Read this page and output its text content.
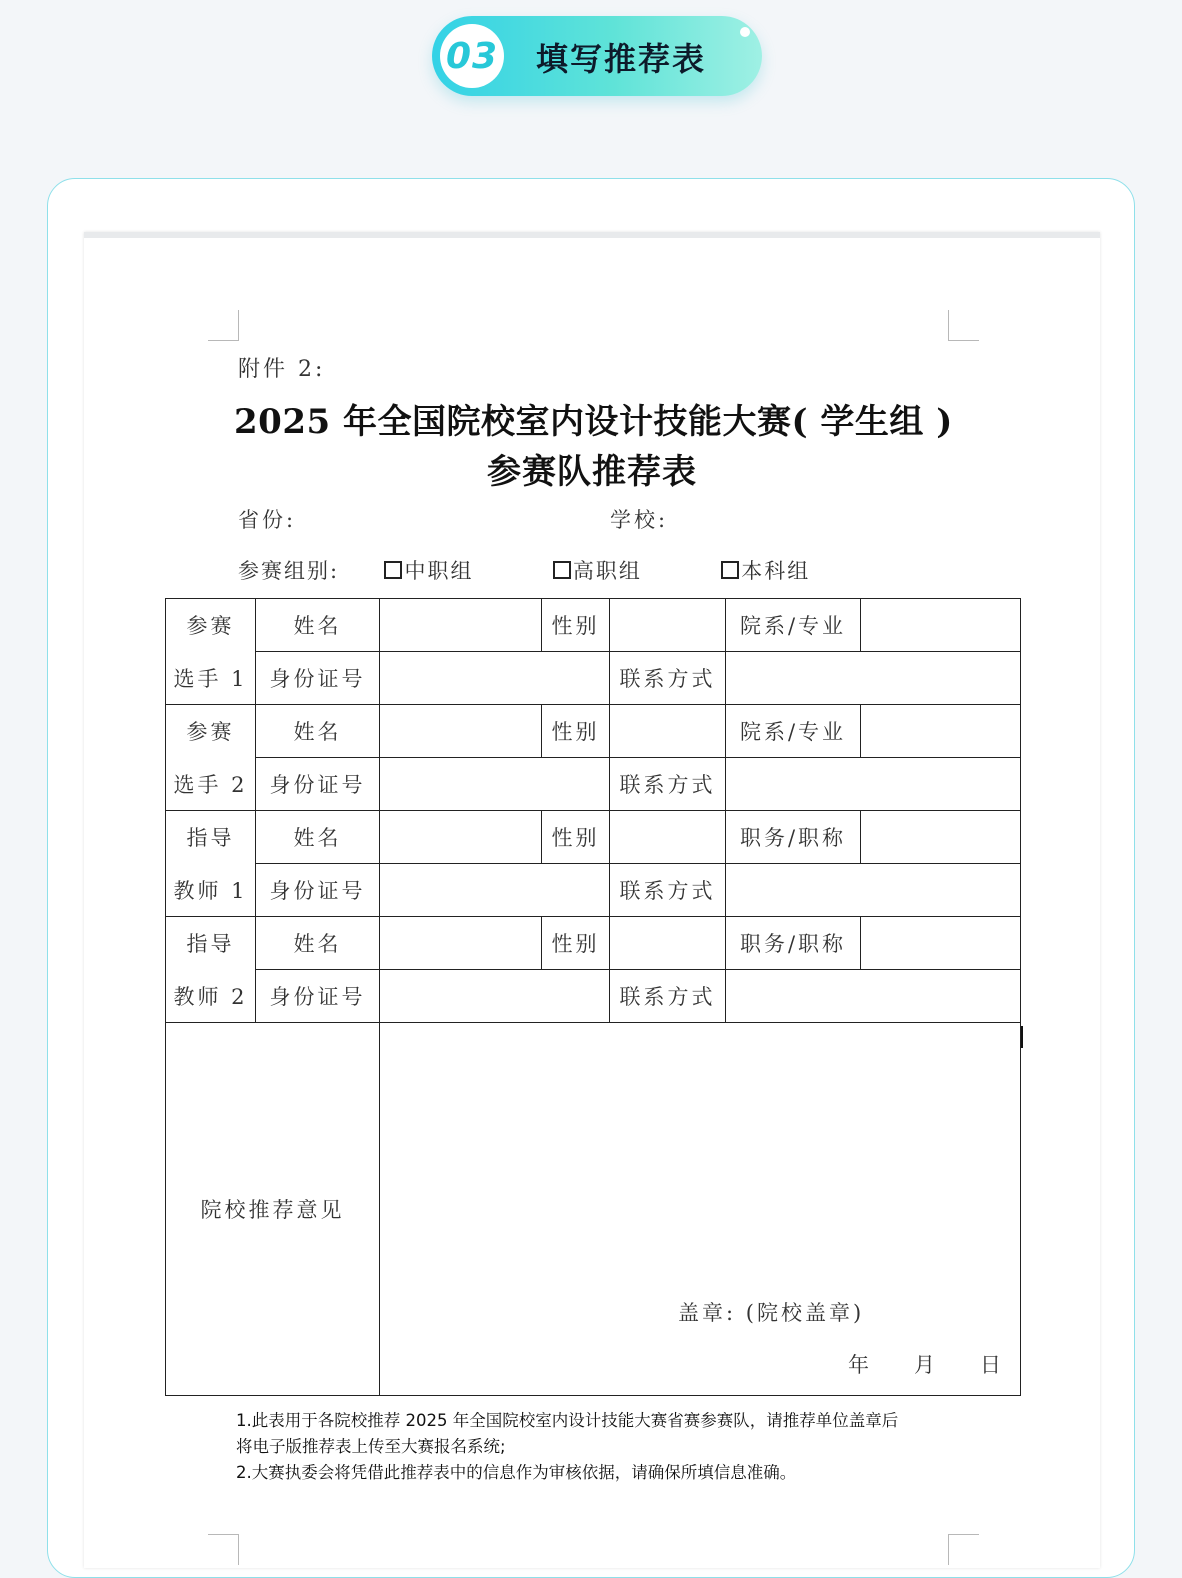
03 填写推荐表
附件 2:
2025 年全国院校室内设计技能大赛( 学生组 )
参赛队推荐表
省份:	学校:
参赛组别:	中职组	高职组	本科组
参赛	姓名		性别		院系/专业	
选手 1	身份证号			联系方式		
参赛	姓名		性别		院系/专业	
选手 2	身份证号			联系方式		
指导	姓名		性别		职务/职称	
教师 1	身份证号			联系方式		
指导	姓名		性别		职务/职称	
教师 2	身份证号			联系方式		
院校推荐意见		盖章: (院校盖章)
年 月 日				
1.此表用于各院校推荐 2025 年全国院校室内设计技能大赛省赛参赛队，请推荐单位盖章后
将电子版推荐表上传至大赛报名系统;
2.大赛执委会将凭借此推荐表中的信息作为审核依据，请确保所填信息准确。
